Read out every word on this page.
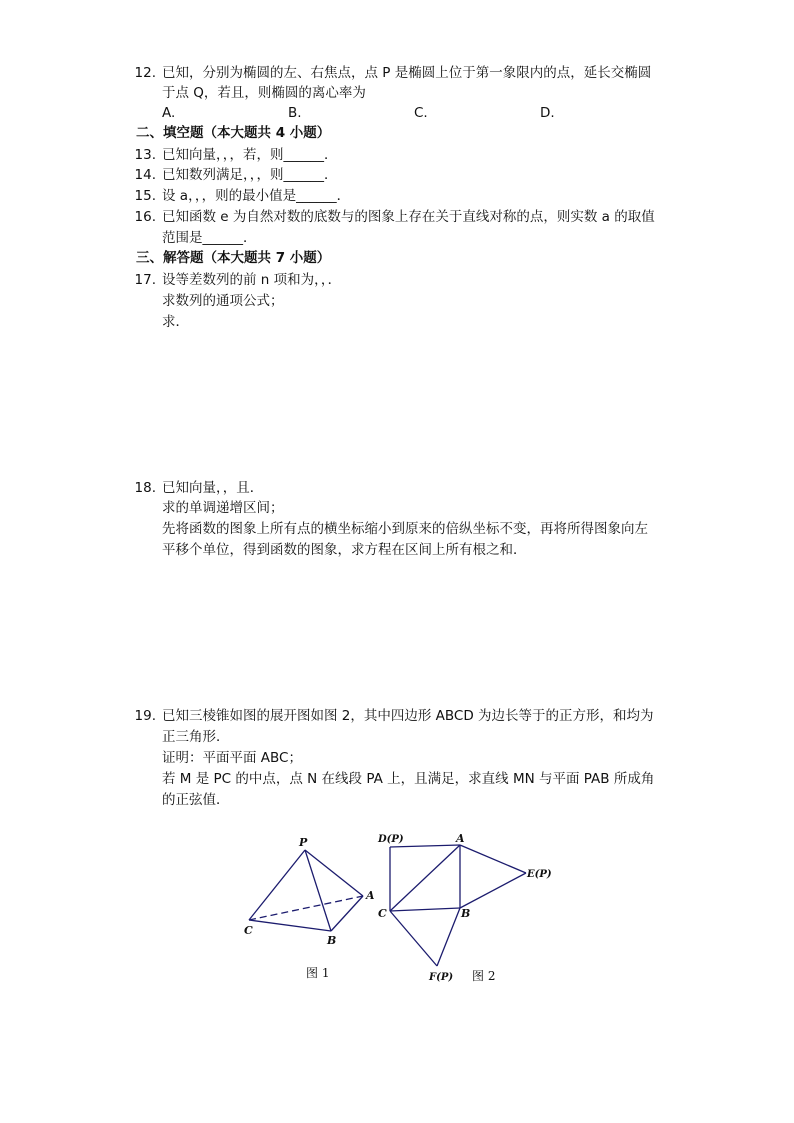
12. 已知，分别为椭圆的左、右焦点，点 P 是椭圆上位于第一象限内的点，延长交椭圆
于点 Q，若且，则椭圆的离心率为
A.	B.	C.	D.
二、填空题（本大题共 4 小题）
13. 已知向量，，，若，则______．
14. 已知数列满足，，，则______．
15. 设 a，，，则的最小值是______．
16. 已知函数 e 为自然对数的底数与的图象上存在关于直线对称的点，则实数 a 的取值
范围是______．
三、解答题（本大题共 7 小题）
17. 设等差数列的前 n 项和为，，．
求数列的通项公式；
求．
18. 已知向量，，且．
求的单调递增区间；
先将函数的图象上所有点的横坐标缩小到原来的倍纵坐标不变，再将所得图象向左
平移个单位，得到函数的图象，求方程在区间上所有根之和．
19. 已知三棱锥如图的展开图如图 2，其中四边形 ABCD 为边长等于的正方形，和均为
正三角形．
证明：平面平面 ABC；
若 M 是 PC 的中点，点 N 在线段 PA 上，且满足，求直线 MN 与平面 PAB 所成角
的正弦值．
P
A
B
C
D(P)	A
E(P)
C	B
F(P)
图 1	图 2
